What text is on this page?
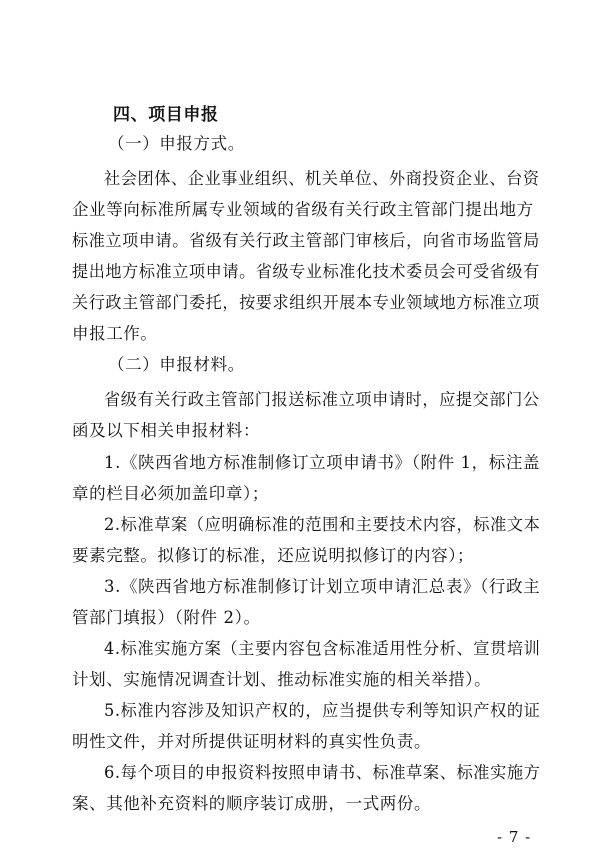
四、项目申报
（一）申报方式。
社会团体、企业事业组织、机关单位、外商投资企业、台资
企业等向标准所属专业领域的省级有关行政主管部门提出地方
标准立项申请。省级有关行政主管部门审核后，向省市场监管局
提出地方标准立项申请。省级专业标准化技术委员会可受省级有
关行政主管部门委托，按要求组织开展本专业领域地方标准立项
申报工作。
（二）申报材料。
省级有关行政主管部门报送标准立项申请时，应提交部门公
函及以下相关申报材料：
1.《陕西省地方标准制修订立项申请书》（附件 1，标注盖
章的栏目必须加盖印章）；
2.标准草案（应明确标准的范围和主要技术内容，标准文本
要素完整。拟修订的标准，还应说明拟修订的内容）；
3.《陕西省地方标准制修订计划立项申请汇总表》（行政主
管部门填报）（附件 2）。
4.标准实施方案（主要内容包含标准适用性分析、宣贯培训
计划、实施情况调查计划、推动标准实施的相关举措）。
5.标准内容涉及知识产权的，应当提供专利等知识产权的证
明性文件，并对所提供证明材料的真实性负责。
6.每个项目的申报资料按照申请书、标准草案、标准实施方
案、其他补充资料的顺序装订成册，一式两份。
- 7 -
